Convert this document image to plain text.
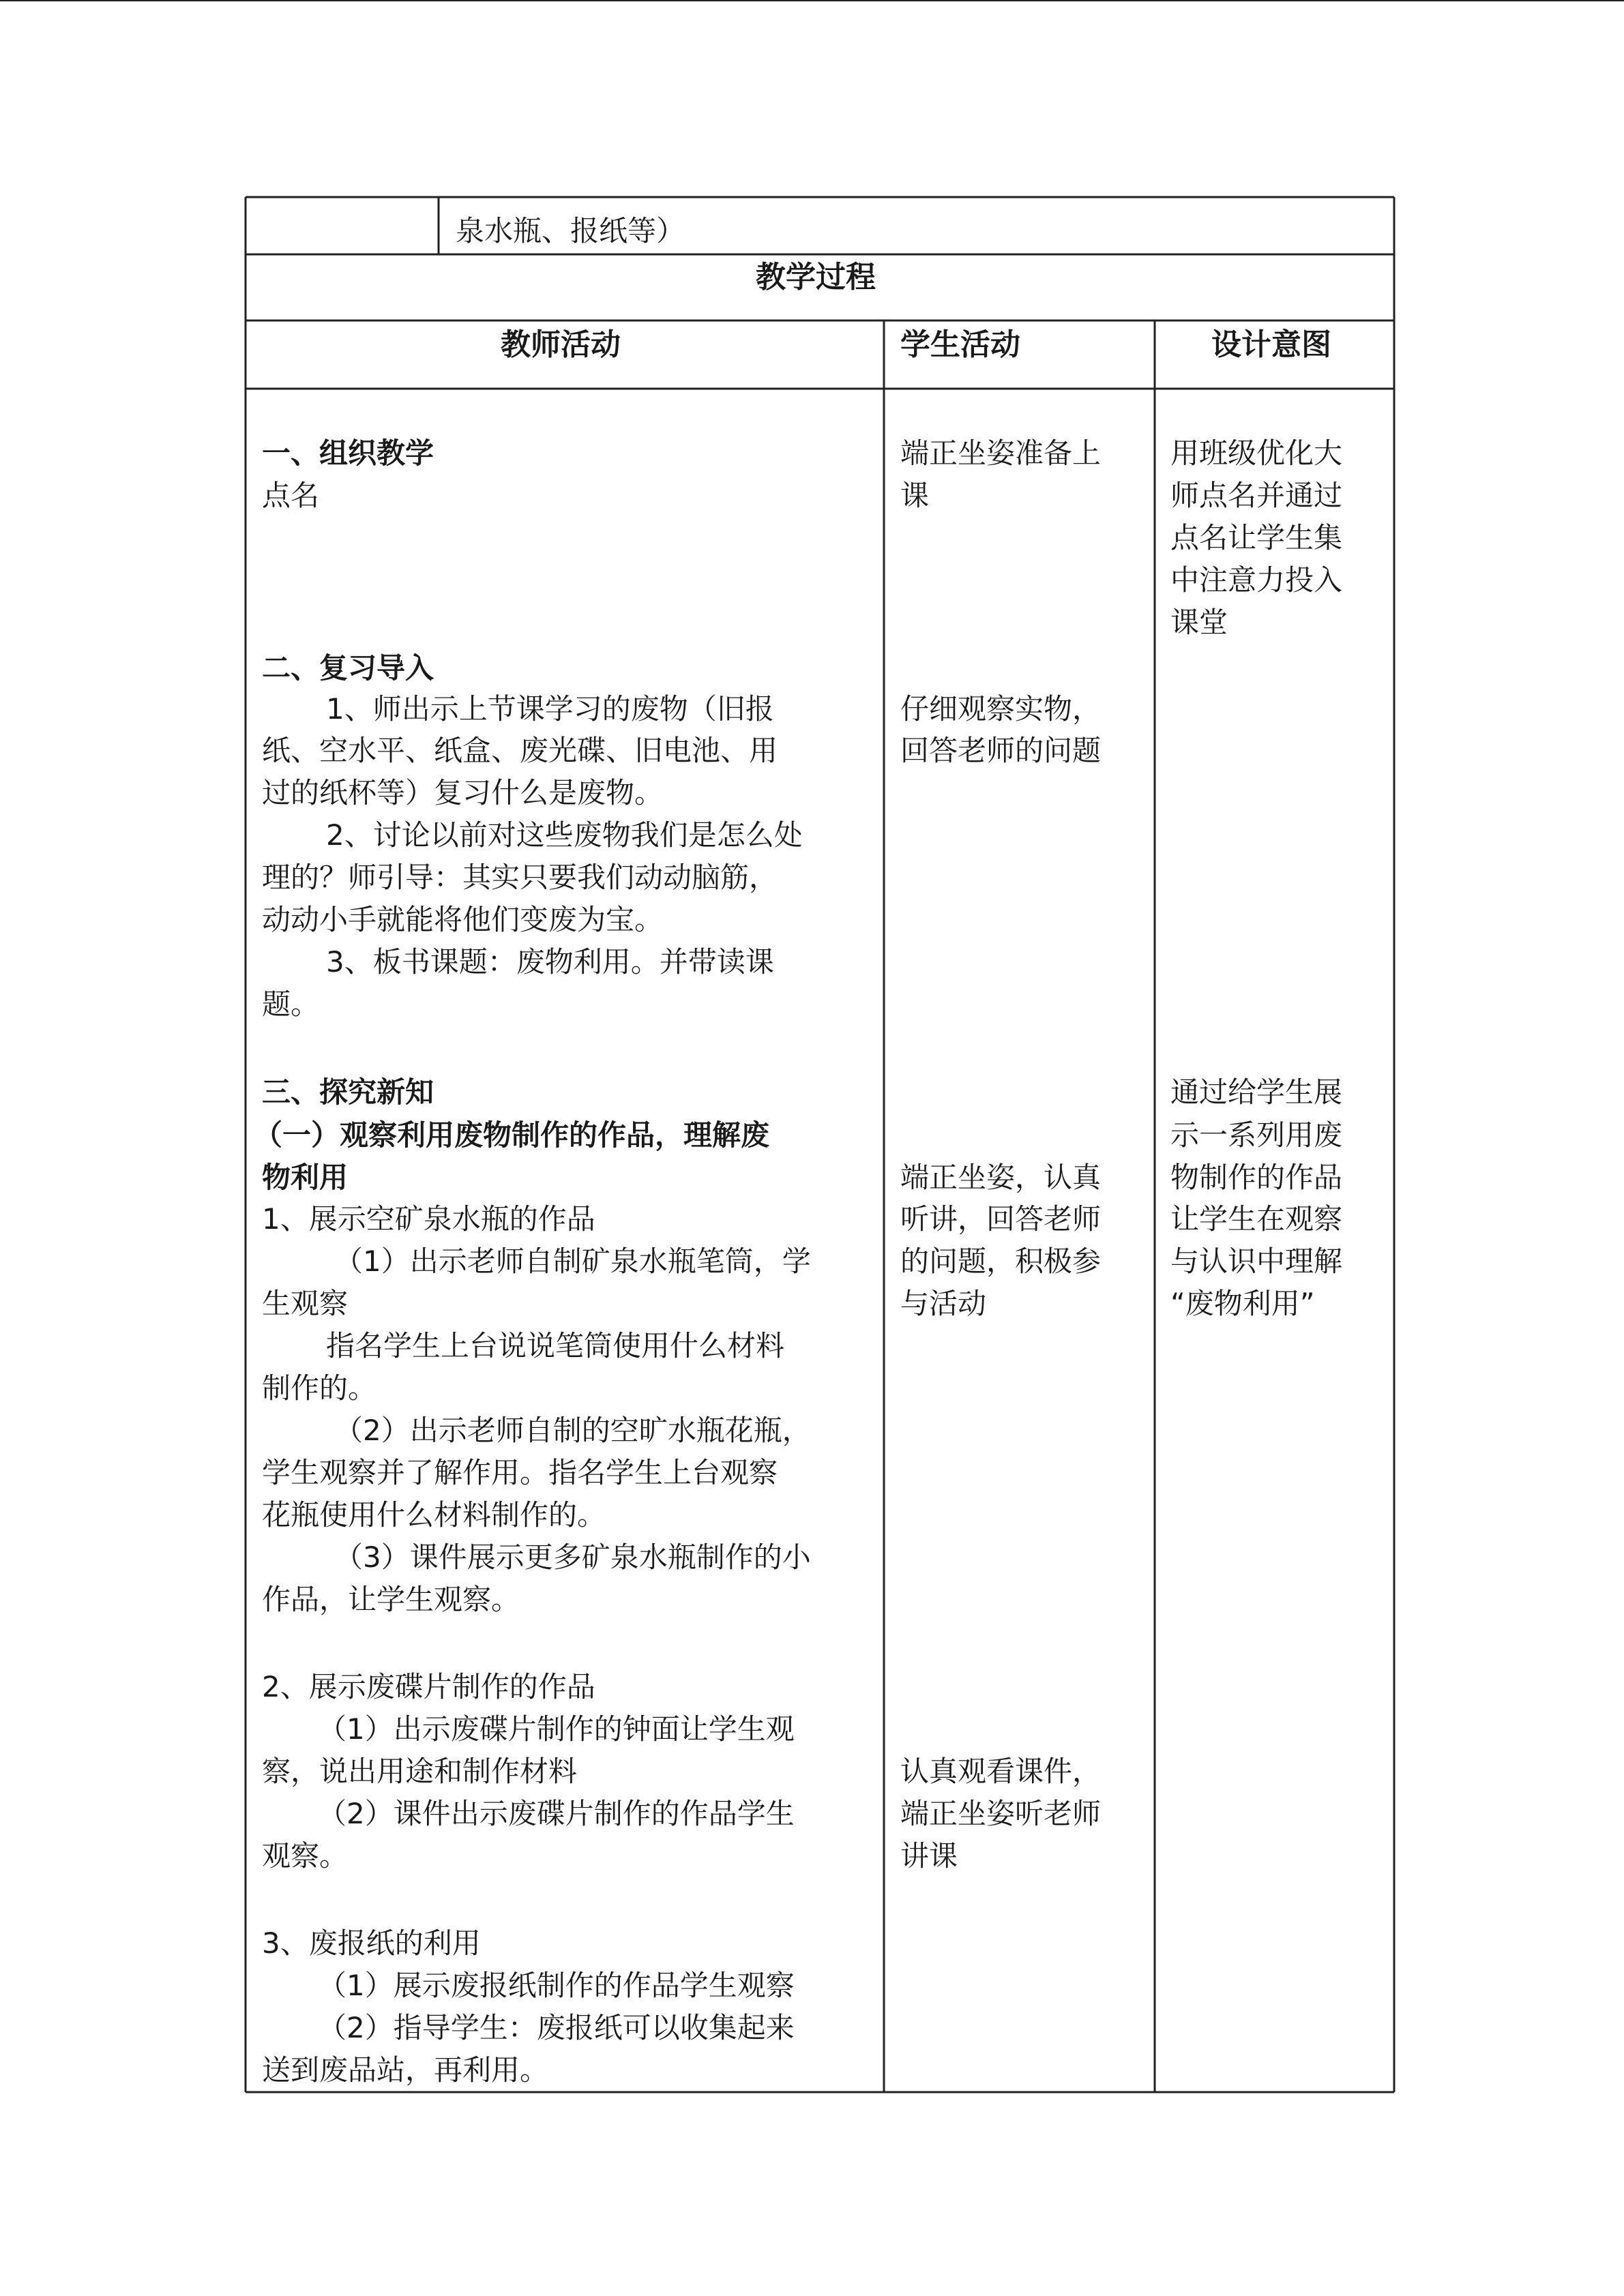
泉水瓶、报纸等）
教学过程
教师活动	学生活动	设计意图
一、组织教学
点名
二、复习导入
1、师出示上节课学习的废物（旧报
纸、空水平、纸盒、废光碟、旧电池、用
过的纸杯等）复习什么是废物。
2、讨论以前对这些废物我们是怎么处
理的？师引导：其实只要我们动动脑筋，
动动小手就能将他们变废为宝。
3、板书课题：废物利用。并带读课
题。
三、探究新知
（一）观察利用废物制作的作品，理解废
物利用
1、展示空矿泉水瓶的作品
（1）出示老师自制矿泉水瓶笔筒，学
生观察
指名学生上台说说笔筒使用什么材料
制作的。
（2）出示老师自制的空旷水瓶花瓶，
学生观察并了解作用。指名学生上台观察
花瓶使用什么材料制作的。
（3）课件展示更多矿泉水瓶制作的小
作品，让学生观察。
2、展示废碟片制作的作品
（1）出示废碟片制作的钟面让学生观
察，说出用途和制作材料
（2）课件出示废碟片制作的作品学生
观察。
3、废报纸的利用
（1）展示废报纸制作的作品学生观察
（2）指导学生：废报纸可以收集起来
送到废品站，再利用。
端正坐姿准备上
课
仔细观察实物，
回答老师的问题
端正坐姿，认真
听讲，回答老师
的问题，积极参
与活动
认真观看课件，
端正坐姿听老师
讲课
用班级优化大
师点名并通过
点名让学生集
中注意力投入
课堂
通过给学生展
示一系列用废
物制作的作品
让学生在观察
与认识中理解
“废物利用”
